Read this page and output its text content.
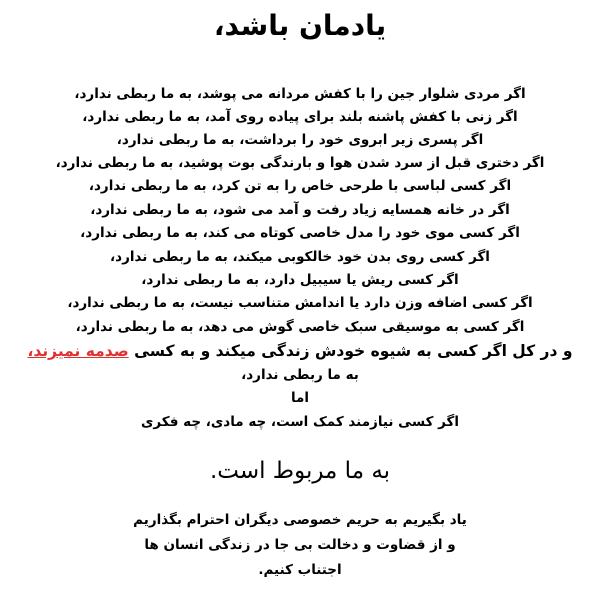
یادمان باشد،
اگر مردی شلوار جین را با کفش مردانه می پوشد، به ما ربطی ندارد،
اگر زنی با کفش پاشنه بلند برای پیاده روی آمد، به ما ربطی ندارد،
اگر پسری زیر ابروی خود را برداشت، به ما ربطی ندارد،
اگر دختری قبل از سرد شدن هوا و بارندگی بوت پوشید، به ما ربطی ندارد،
اگر کسی لباسی با طرحی خاص را به تن کرد، به ما ربطی ندارد،
اگر در خانه همسایه زیاد رفت و آمد می شود، به ما ربطی ندارد،
اگر کسی موی خود را مدل خاصی کوتاه می کند، به ما ربطی ندارد،
اگر کسی روی بدن خود خالکوبی میکند، به ما ربطی ندارد،
اگر کسی ریش یا سیبیل دارد، به ما ربطی ندارد،
اگر کسی اضافه وزن دارد یا اندامش متناسب نیست، به ما ربطی ندارد،
اگر کسی به موسیقی سبک خاصی گوش می دهد، به ما ربطی ندارد،
و در کل اگر کسی به شیوه خودش زندگی میکند و به کسی صدمه نمیزند،
به ما ربطی ندارد،
اما
اگر کسی نیازمند کمک است، چه مادی، چه فکری
به ما مربوط است.
یاد بگیریم به حریم خصوصی دیگران احترام بگذاریم
و از قضاوت و دخالت بی جا در زندگی انسان ها
اجتناب کنیم.
